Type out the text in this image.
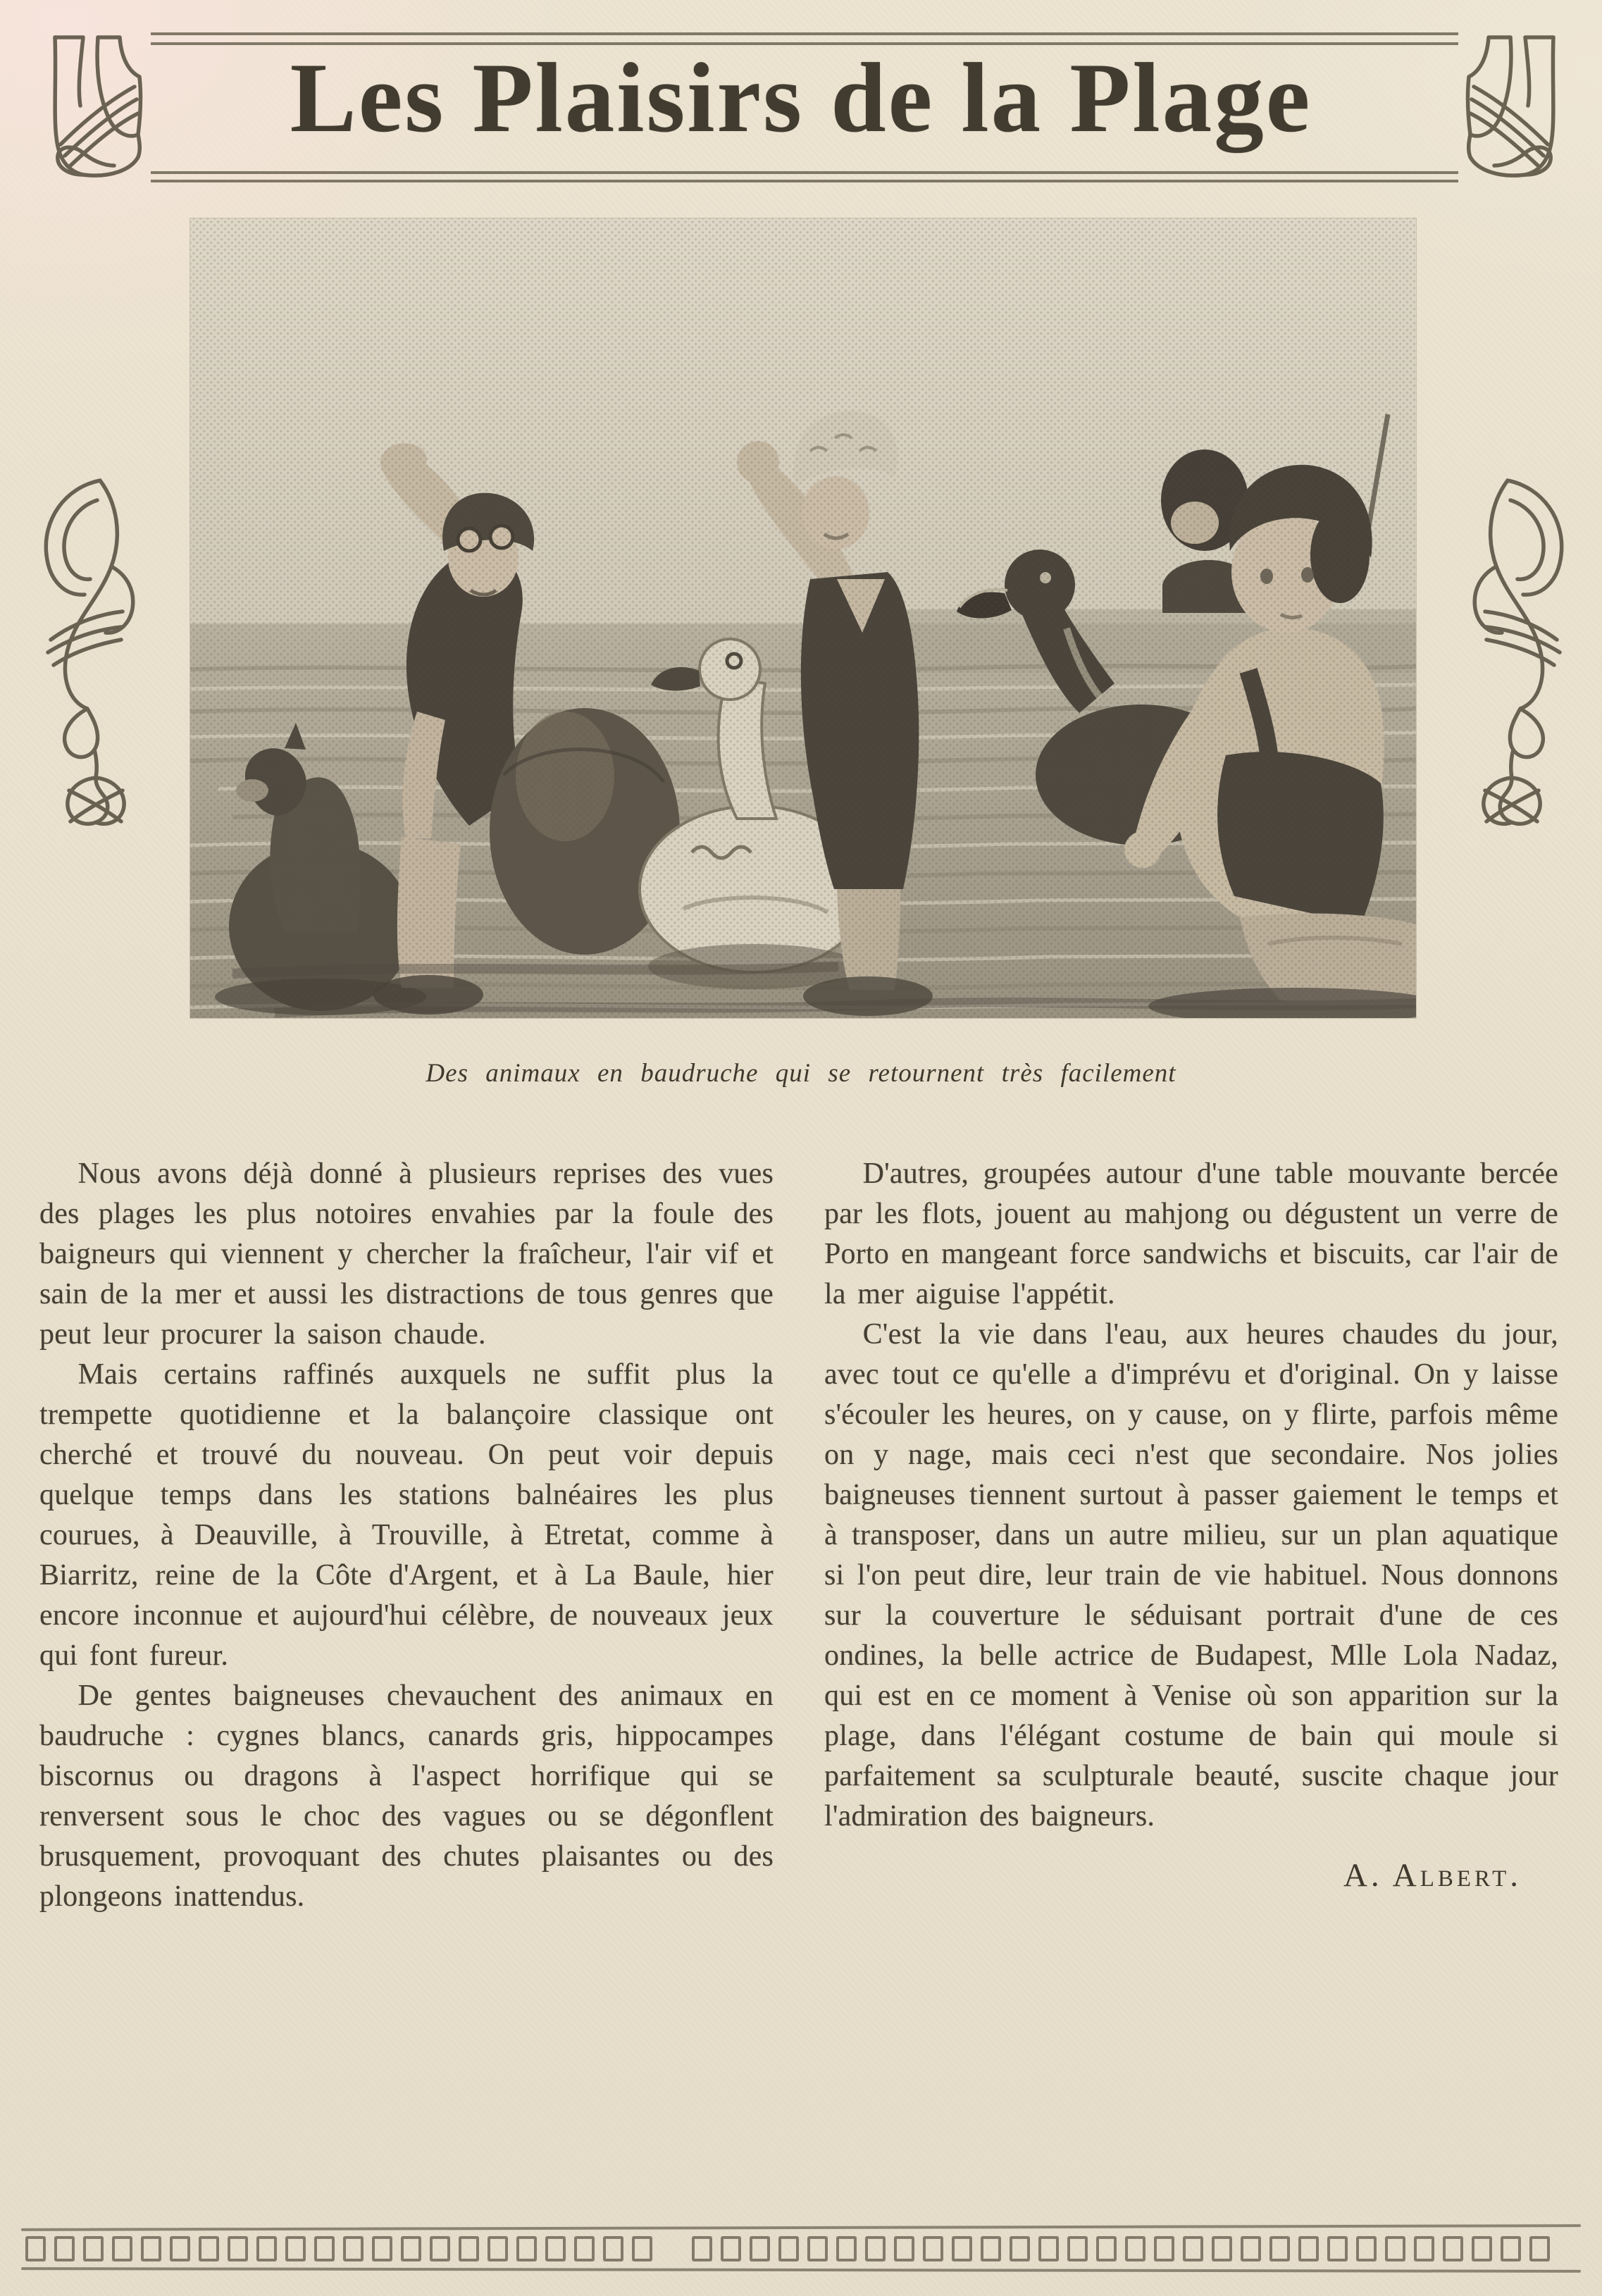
Les Plaisirs de la Plage
Des animaux en baudruche qui se retournent très facilement

Nous avons déjà donné à plusieurs reprises des vues des plages les plus notoires envahies par la foule des baigneurs qui viennent y chercher la fraîcheur, l'air vif et sain de la mer et aussi les distractions de tous genres que peut leur procurer la saison chaude.

Mais certains raffinés auxquels ne suffit plus la trempette quotidienne et la balançoire classique ont cherché et trouvé du nouveau. On peut voir depuis quelque temps dans les stations balnéaires les plus courues, à Deauville, à Trouville, à Etretat, comme à Biarritz, reine de la Côte d'Argent, et à La Baule, hier encore inconnue et aujourd'hui célèbre, de nouveaux jeux qui font fureur.

De gentes baigneuses chevauchent des animaux en baudruche : cygnes blancs, canards gris, hippocampes biscornus ou dragons à l'aspect horrifique qui se renversent sous le choc des vagues ou se dégonflent brusquement, provoquant des chutes plaisantes ou des plongeons inattendus.

D'autres, groupées autour d'une table mouvante bercée par les flots, jouent au mahjong ou dégustent un verre de Porto en mangeant force sandwichs et biscuits, car l'air de la mer aiguise l'appétit.

C'est la vie dans l'eau, aux heures chaudes du jour, avec tout ce qu'elle a d'imprévu et d'original. On y laisse s'écouler les heures, on y cause, on y flirte, parfois même on y nage, mais ceci n'est que secondaire. Nos jolies baigneuses tiennent surtout à passer gaiement le temps et à transposer, dans un autre milieu, sur un plan aquatique si l'on peut dire, leur train de vie habituel. Nous donnons sur la couverture le séduisant portrait d'une de ces ondines, la belle actrice de Budapest, Mlle Lola Nadaz, qui est en ce moment à Venise où son apparition sur la plage, dans l'élégant costume de bain qui moule si parfaitement sa sculpturale beauté, suscite chaque jour l'admiration des baigneurs.

A. Albert.
